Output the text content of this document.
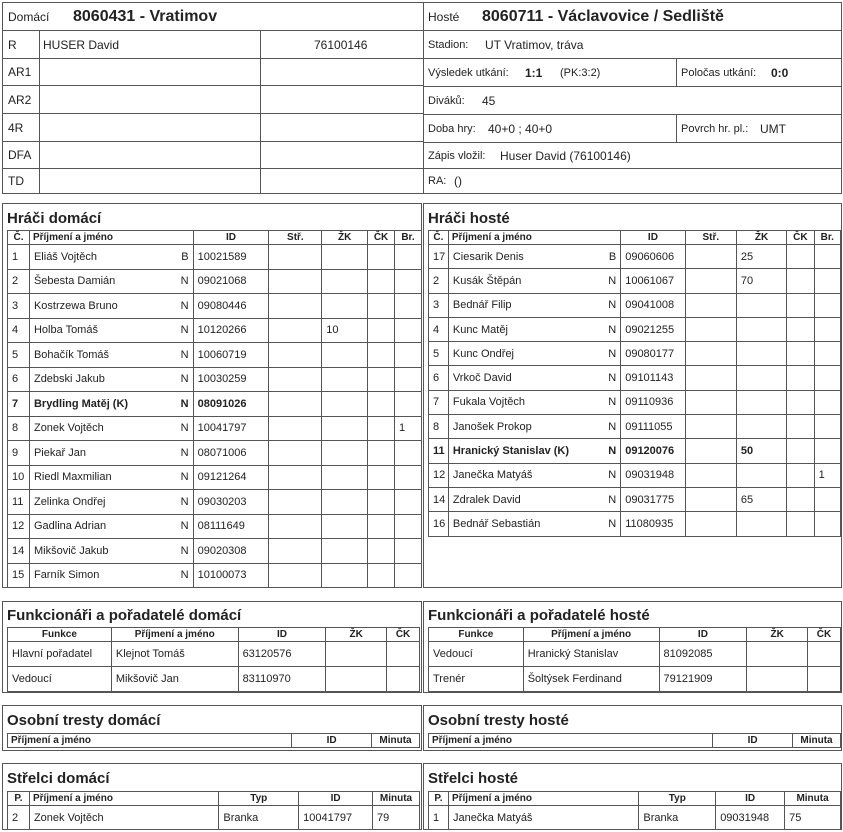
Domácí 8060431 - Vratimov
R HUSER David	76100146
AR1
AR2
4R
DFA
TD
Hosté 8060711 - Václavovice / Sedliště
Stadion: UT Vratimov, tráva
Výsledek utkání: 1:1 (PK:3:2)	Poločas utkání: 0:0
Diváků: 45
Doba hry: 40+0 ; 40+0	Povrch hr. pl.: UMT
Zápis vložil: Huser David (76100146)
RA: ()
Hráči domácí
Č.	Příjmení a jméno	ID	Stř.	ŽK	ČK	Br.
1	Eliáš Vojtěch B	10021589				
2	Šebesta Damián N	09021068				
3	Kostrzewa Bruno N	09080446				
4	Holba Tomáš N	10120266		10		
5	Bohačík Tomáš N	10060719				
6	Zdebski Jakub N	10030259				
7	Brydling Matěj (K) N	08091026				
8	Zonek Vojtěch N	10041797				1
9	Piekař Jan N	08071006				
10	Riedl Maxmilian N	09121264				
11	Zelinka Ondřej N	09030203				
12	Gadlina Adrian N	08111649				
14	Mikšovič Jakub N	09020308				
15	Farník Simon N	10100073				
Hráči hosté
Č.	Příjmení a jméno	ID	Stř.	ŽK	ČK	Br.
17	Ciesarik Denis B	09060606		25		
2	Kusák Štěpán N	10061067		70		
3	Bednář Filip N	09041008				
4	Kunc Matěj N	09021255				
5	Kunc Ondřej N	09080177				
6	Vrkoč David N	09101143				
7	Fukala Vojtěch N	09110936				
8	Janošek Prokop N	09111055				
11	Hranický Stanislav (K) N	09120076		50		
12	Janečka Matyáš N	09031948				1
14	Zdralek David N	09031775		65		
16	Bednář Sebastián N	11080935				
Funkcionáři a pořadatelé domácí
Funkce	Příjmení a jméno	ID	ŽK	ČK
Hlavní pořadatel	Klejnot Tomáš	63120576		
Vedoucí	Mikšovič Jan	83110970		
Funkcionáři a pořadatelé hosté
Funkce	Příjmení a jméno	ID	ŽK	ČK
Vedoucí	Hranický Stanislav	81092085		
Trenér	Šoltýsek Ferdinand	79121909		
Osobní tresty domácí
Příjmení a jméno	ID	Minuta
Osobní tresty hosté
Příjmení a jméno	ID	Minuta
Střelci domácí
P.	Příjmení a jméno	Typ	ID	Minuta
2	Zonek Vojtěch	Branka	10041797	79
Střelci hosté
P.	Příjmení a jméno	Typ	ID	Minuta
1	Janečka Matyáš	Branka	09031948	75
